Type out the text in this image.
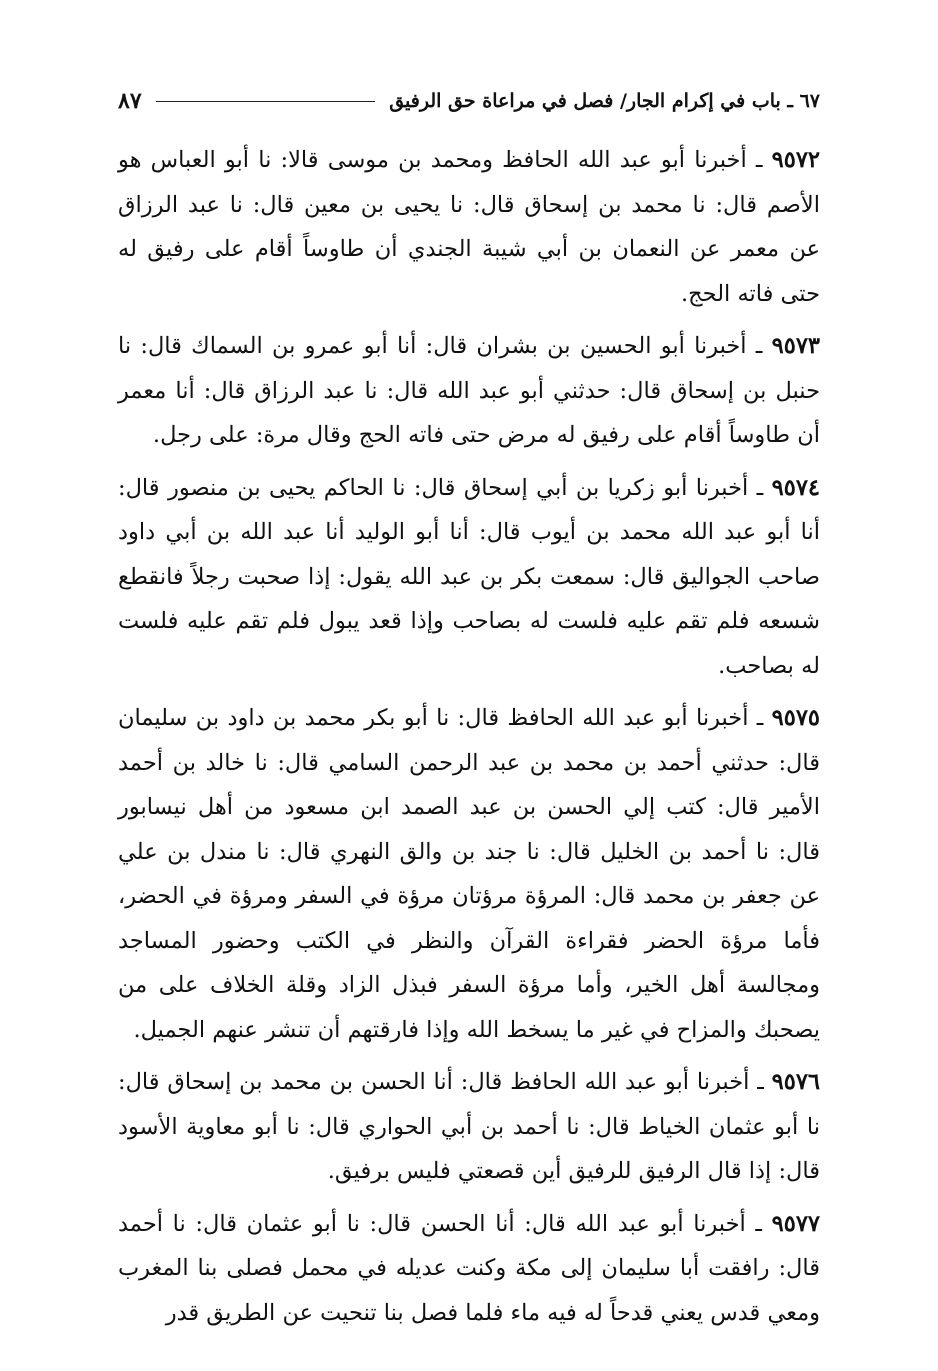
٦٧ ـ باب في إكرام الجار/ فصل في مراعاة حق الرفيق
٨٧

٩٥٧٢ ـ أخبرنا أبو عبد الله الحافظ ومحمد بن موسى قالا: نا أبو العباس هو الأصم قال: نا محمد بن إسحاق قال: نا يحيى بن معين قال: نا عبد الرزاق عن معمر عن النعمان بن أبي شيبة الجندي أن طاوساً أقام على رفيق له حتى فاته الحج.

٩٥٧٣ ـ أخبرنا أبو الحسين بن بشران قال: أنا أبو عمرو بن السماك قال: نا حنبل بن إسحاق قال: حدثني أبو عبد الله قال: نا عبد الرزاق قال: أنا معمر أن طاوساً أقام على رفيق له مرض حتى فاته الحج وقال مرة: على رجل.

٩٥٧٤ ـ أخبرنا أبو زكريا بن أبي إسحاق قال: نا الحاكم يحيى بن منصور قال: أنا أبو عبد الله محمد بن أيوب قال: أنا أبو الوليد أنا عبد الله بن أبي داود صاحب الجواليق قال: سمعت بكر بن عبد الله يقول: إذا صحبت رجلاً فانقطع شسعه فلم تقم عليه فلست له بصاحب وإذا قعد يبول فلم تقم عليه فلست له بصاحب.

٩٥٧٥ ـ أخبرنا أبو عبد الله الحافظ قال: نا أبو بكر محمد بن داود بن سليمان قال: حدثني أحمد بن محمد بن عبد الرحمن السامي قال: نا خالد بن أحمد الأمير قال: كتب إلي الحسن بن عبد الصمد ابن مسعود من أهل نيسابور قال: نا أحمد بن الخليل قال: نا جند بن والق النهري قال: نا مندل بن علي عن جعفر بن محمد قال: المرؤة مرؤتان مرؤة في السفر ومرؤة في الحضر، فأما مرؤة الحضر فقراءة القرآن والنظر في الكتب وحضور المساجد ومجالسة أهل الخير، وأما مرؤة السفر فبذل الزاد وقلة الخلاف على من يصحبك والمزاح في غير ما يسخط الله وإذا فارقتهم أن تنشر عنهم الجميل.

٩٥٧٦ ـ أخبرنا أبو عبد الله الحافظ قال: أنا الحسن بن محمد بن إسحاق قال: نا أبو عثمان الخياط قال: نا أحمد بن أبي الحواري قال: نا أبو معاوية الأسود قال: إذا قال الرفيق للرفيق أين قصعتي فليس برفيق.

٩٥٧٧ ـ أخبرنا أبو عبد الله قال: أنا الحسن قال: نا أبو عثمان قال: نا أحمد قال: رافقت أبا سليمان إلى مكة وكنت عديله في محمل فصلى بنا المغرب ومعي قدس يعني قدحاً له فيه ماء فلما فصل بنا تنحيت عن الطريق قدر
